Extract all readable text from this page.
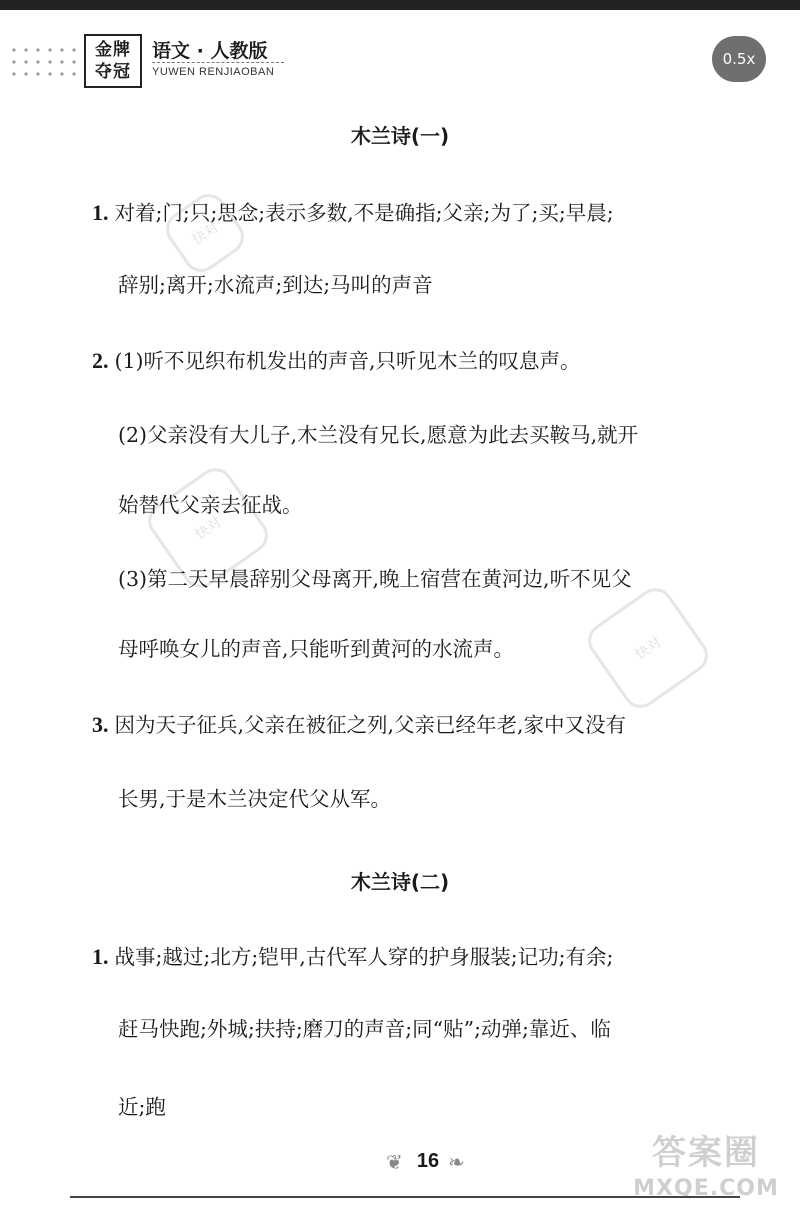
金牌
夺冠
语文 · 人教版
YUWEN RENJIAOBAN
0.5x
快对
快对
快对
木兰诗(一)
1. 对着;门;只;思念;表示多数,不是确指;父亲;为了;买;早晨;
辞别;离开;水流声;到达;马叫的声音
2. (1)听不见织布机发出的声音,只听见木兰的叹息声。
(2)父亲没有大儿子,木兰没有兄长,愿意为此去买鞍马,就开
始替代父亲去征战。
(3)第二天早晨辞别父母离开,晚上宿营在黄河边,听不见父
母呼唤女儿的声音,只能听到黄河的水流声。
3. 因为天子征兵,父亲在被征之列,父亲已经年老,家中又没有
长男,于是木兰决定代父从军。
木兰诗(二)
1. 战事;越过;北方;铠甲,古代军人穿的护身服装;记功;有余;
赶马快跑;外城;扶持;磨刀的声音;同“贴”;动弹;靠近、临
近;跑
❦ 16 ❧	答案圈
MXQE.COM
